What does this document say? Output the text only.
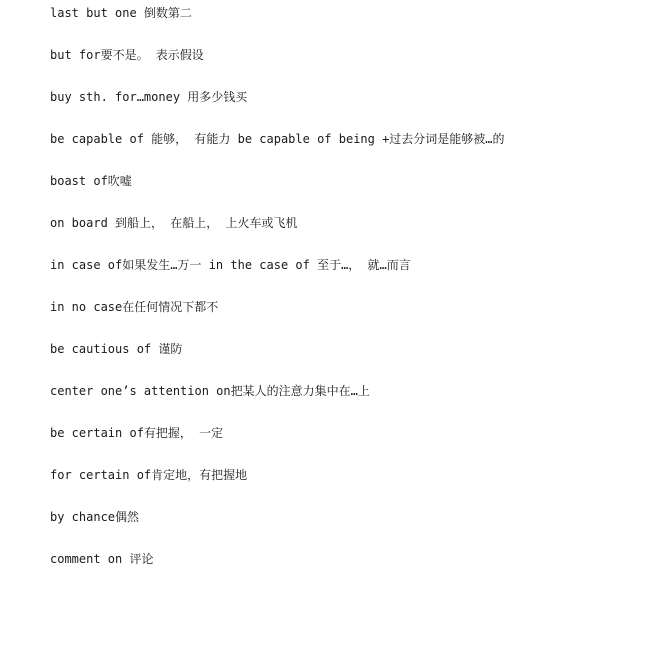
last but one 倒数第二
but for要不是。 表示假设
buy sth. for…money 用多少钱买
be capable of 能够， 有能力 be capable of being +过去分词是能够被…的
boast of吹嘘
on board 到船上， 在船上， 上火车或飞机
in case of如果发生…万一 in the case of 至于…， 就…而言
in no case在任何情况下都不
be cautious of 谨防
center one’s attention on把某人的注意力集中在…上
be certain of有把握， 一定
for certain of肯定地，有把握地
by chance偶然
comment on 评论
